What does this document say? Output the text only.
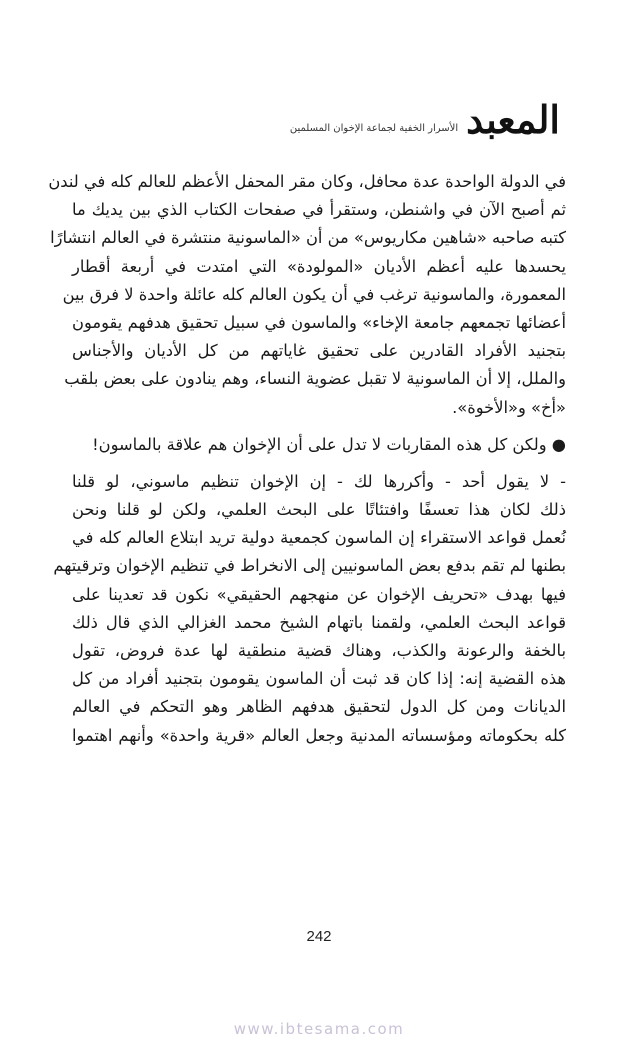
المعبد
الأسرار الخفية لجماعة الإخوان المسلمين
في الدولة الواحدة عدة محافل، وكان مقر المحفل الأعظم للعالم كله في لندن
ثم أصبح الآن في واشنطن، وستقرأ في صفحات الكتاب الذي بين يديك ما
كتبه صاحبه «شاهين مكاريوس» من أن «الماسونية منتشرة في العالم انتشارًا
يحسدها عليه أعظم الأديان «المولودة» التي امتدت في أربعة أقطار
المعمورة، والماسونية ترغب في أن يكون العالم كله عائلة واحدة لا فرق بين
أعضائها تجمعهم جامعة الإخاء» والماسون في سبيل تحقيق هدفهم يقومون
بتجنيد الأفراد القادرين على تحقيق غاياتهم من كل الأديان والأجناس
والملل، إلا أن الماسونية لا تقبل عضوية النساء، وهم ينادون على بعض بلقب
«أخ» و«الأخوة».
● ولكن كل هذه المقاربات لا تدل على أن الإخوان هم علاقة بالماسون!
- لا يقول أحد - وأكررها لك - إن الإخوان تنظيم ماسوني، لو قلنا
ذلك لكان هذا تعسفًا وافتئاتًا على البحث العلمي، ولكن لو قلنا ونحن
نُعمل قواعد الاستقراء إن الماسون كجمعية دولية تريد ابتلاع العالم كله في
بطنها لم تقم بدفع بعض الماسونيين إلى الانخراط في تنظيم الإخوان وترقيتهم
فيها بهدف «تحريف الإخوان عن منهجهم الحقيقي» نكون قد تعدينا على
قواعد البحث العلمي، ولقمنا باتهام الشيخ محمد الغزالي الذي قال ذلك
بالخفة والرعونة والكذب، وهناك قضية منطقية لها عدة فروض، تقول
هذه القضية إنه: إذا كان قد ثبت أن الماسون يقومون بتجنيد أفراد من كل
الديانات ومن كل الدول لتحقيق هدفهم الظاهر وهو التحكم في العالم
كله بحكوماته ومؤسساته المدنية وجعل العالم «قرية واحدة» وأنهم اهتموا
242
www.ibtesama.com
